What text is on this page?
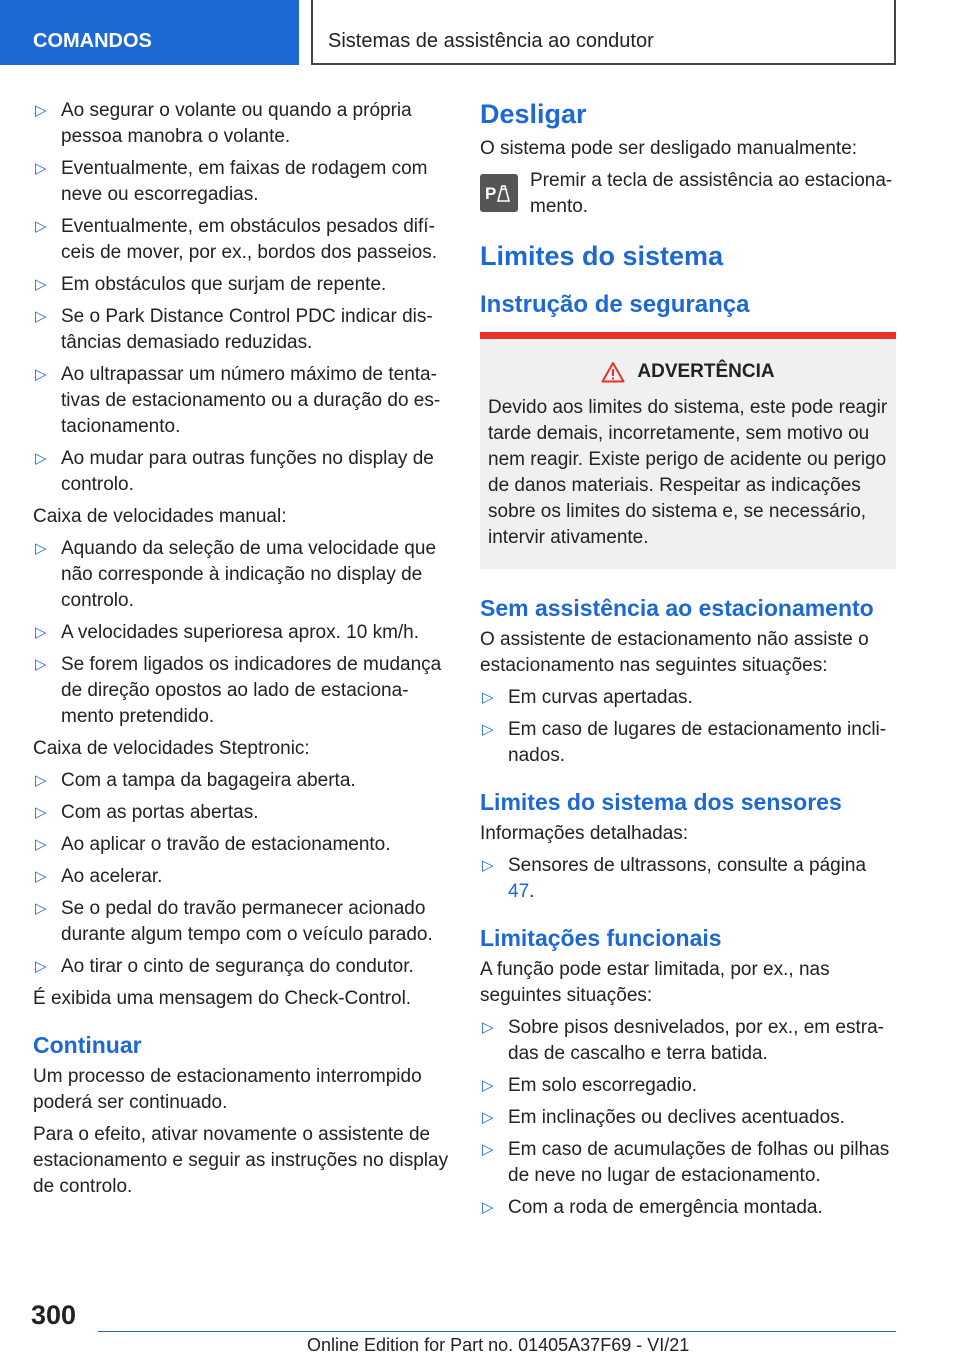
COMANDOS	Sistemas de assistência ao condutor
▷ Ao segurar o volante ou quando a própria pessoa manobra o volante.
▷ Eventualmente, em faixas de rodagem com neve ou escorregadias.
▷ Eventualmente, em obstáculos pesados difíceis de mover, por ex., bordos dos passeios.
▷ Em obstáculos que surjam de repente.
▷ Se o Park Distance Control PDC indicar distâncias demasiado reduzidas.
▷ Ao ultrapassar um número máximo de tentativas de estacionamento ou a duração do estacionamento.
▷ Ao mudar para outras funções no display de controlo.

Caixa de velocidades manual:

▷ Aquando da seleção de uma velocidade que não corresponde à indicação no display de controlo.
▷ A velocidades superioresa aprox. 10 km/h.
▷ Se forem ligados os indicadores de mudança de direção opostos ao lado de estacionamento pretendido.

Caixa de velocidades Steptronic:

▷ Com a tampa da bagageira aberta.
▷ Com as portas abertas.
▷ Ao aplicar o travão de estacionamento.
▷ Ao acelerar.
▷ Se o pedal do travão permanecer acionado durante algum tempo com o veículo parado.
▷ Ao tirar o cinto de segurança do condutor.

É exibida uma mensagem do Check-Control.

Continuar

Um processo de estacionamento interrompido poderá ser continuado.

Para o efeito, ativar novamente o assistente de estacionamento e seguir as instruções no display de controlo.

Desligar

O sistema pode ser desligado manualmente:

P
Premir a tecla de assistência ao estacionamento.
Limites do sistema
Instrução de segurança
ADVERTÊNCIA

Devido aos limites do sistema, este pode reagir tarde demais, incorretamente, sem motivo ou nem reagir. Existe perigo de acidente ou perigo de danos materiais. Respeitar as indicações sobre os limites do sistema e, se necessário, intervir ativamente.

Sem assistência ao estacionamento

O assistente de estacionamento não assiste o estacionamento nas seguintes situações:

▷ Em curvas apertadas.
▷ Em caso de lugares de estacionamento inclinados.
Limites do sistema dos sensores

Informações detalhadas:

▷ Sensores de ultrassons, consulte a página 47.
Limitações funcionais

A função pode estar limitada, por ex., nas seguintes situações:

▷ Sobre pisos desnivelados, por ex., em estradas de cascalho e terra batida.
▷ Em solo escorregadio.
▷ Em inclinações ou declives acentuados.
▷ Em caso de acumulações de folhas ou pilhas de neve no lugar de estacionamento.
▷ Com a roda de emergência montada.
300
Online Edition for Part no. 01405A37F69 - VI/21
